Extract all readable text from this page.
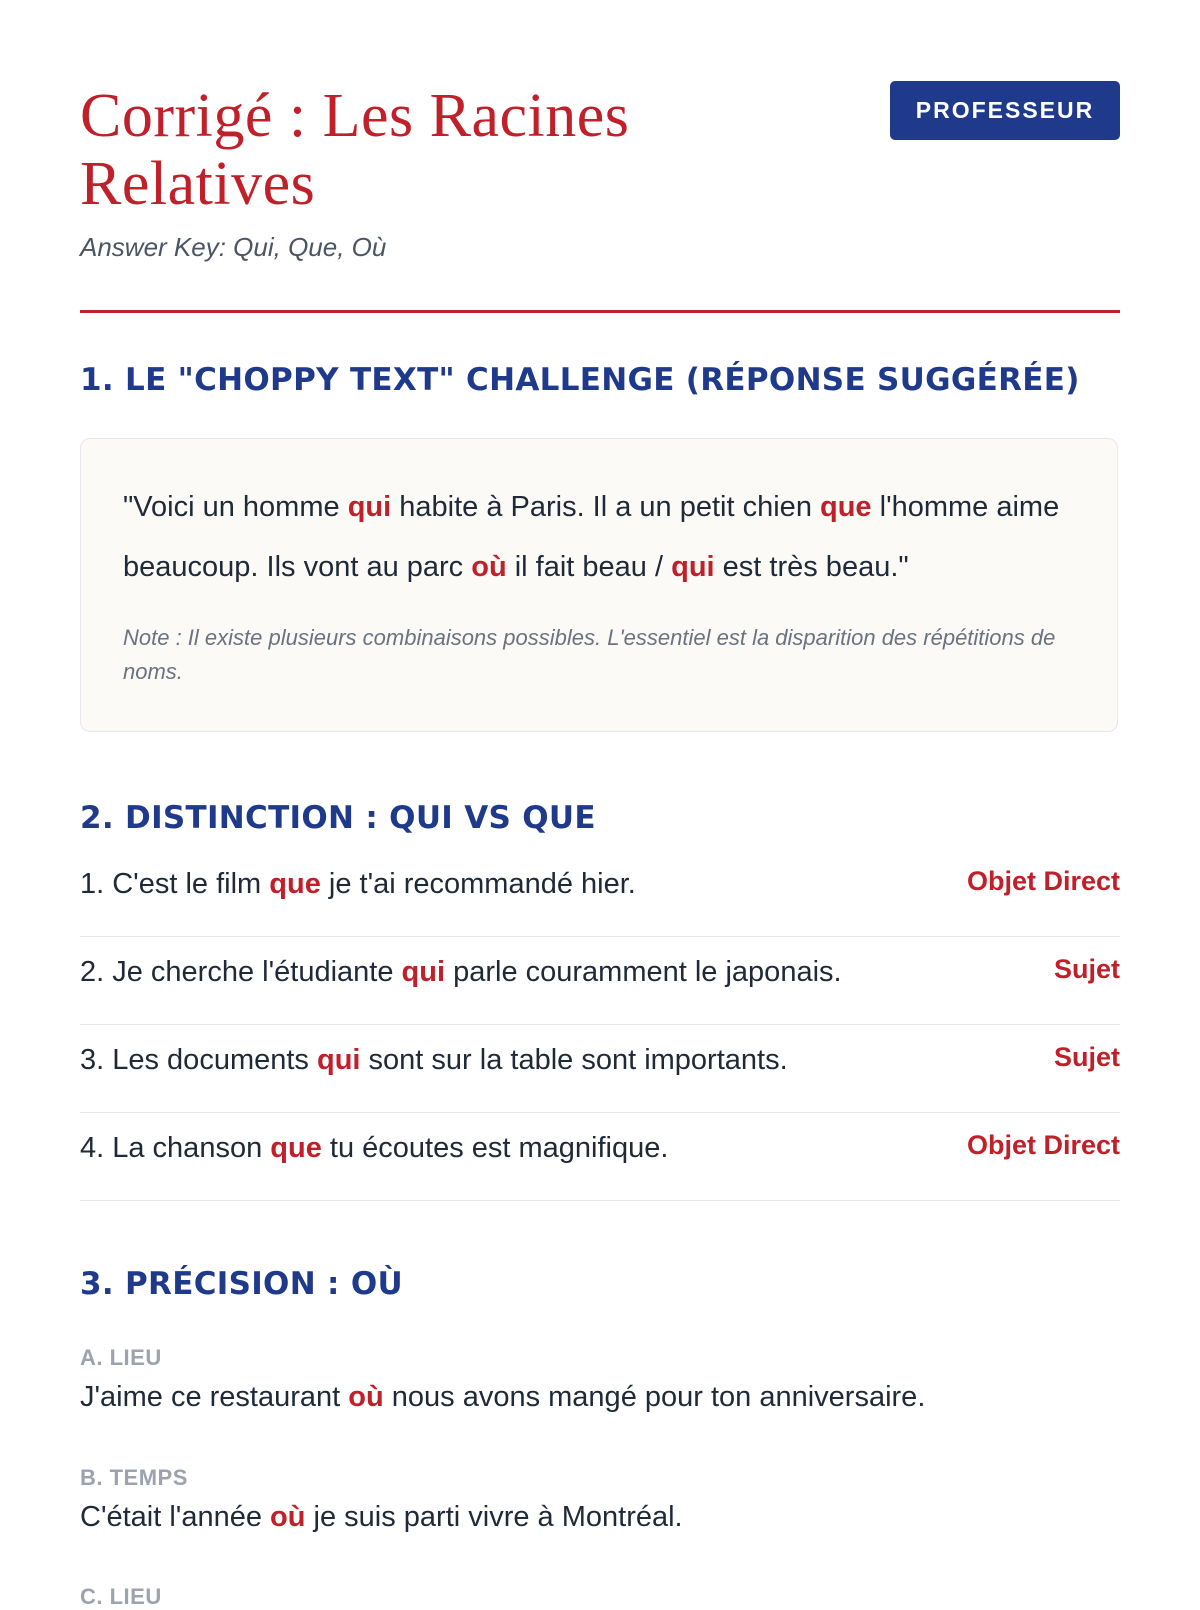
Corrigé : Les Racines Relatives
Answer Key: Qui, Que, Où
PROFESSEUR
1. LE "CHOPPY TEXT" CHALLENGE (RÉPONSE SUGGÉRÉE)

"Voici un homme qui habite à Paris. Il a un petit chien que l'homme aime beaucoup. Ils vont au parc où il fait beau / qui est très beau."

Note : Il existe plusieurs combinaisons possibles. L'essentiel est la disparition des répétitions de noms.

2. DISTINCTION : QUI VS QUE
1. C'est le film que je t'ai recommandé hier.	Objet Direct
2. Je cherche l'étudiante qui parle couramment le japonais.	Sujet
3. Les documents qui sont sur la table sont importants.	Sujet
4. La chanson que tu écoutes est magnifique.	Objet Direct
3. PRÉCISION : OÙ
A. LIEU
J'aime ce restaurant où nous avons mangé pour ton anniversaire.
B. TEMPS
C'était l'année où je suis parti vivre à Montréal.
C. LIEU
